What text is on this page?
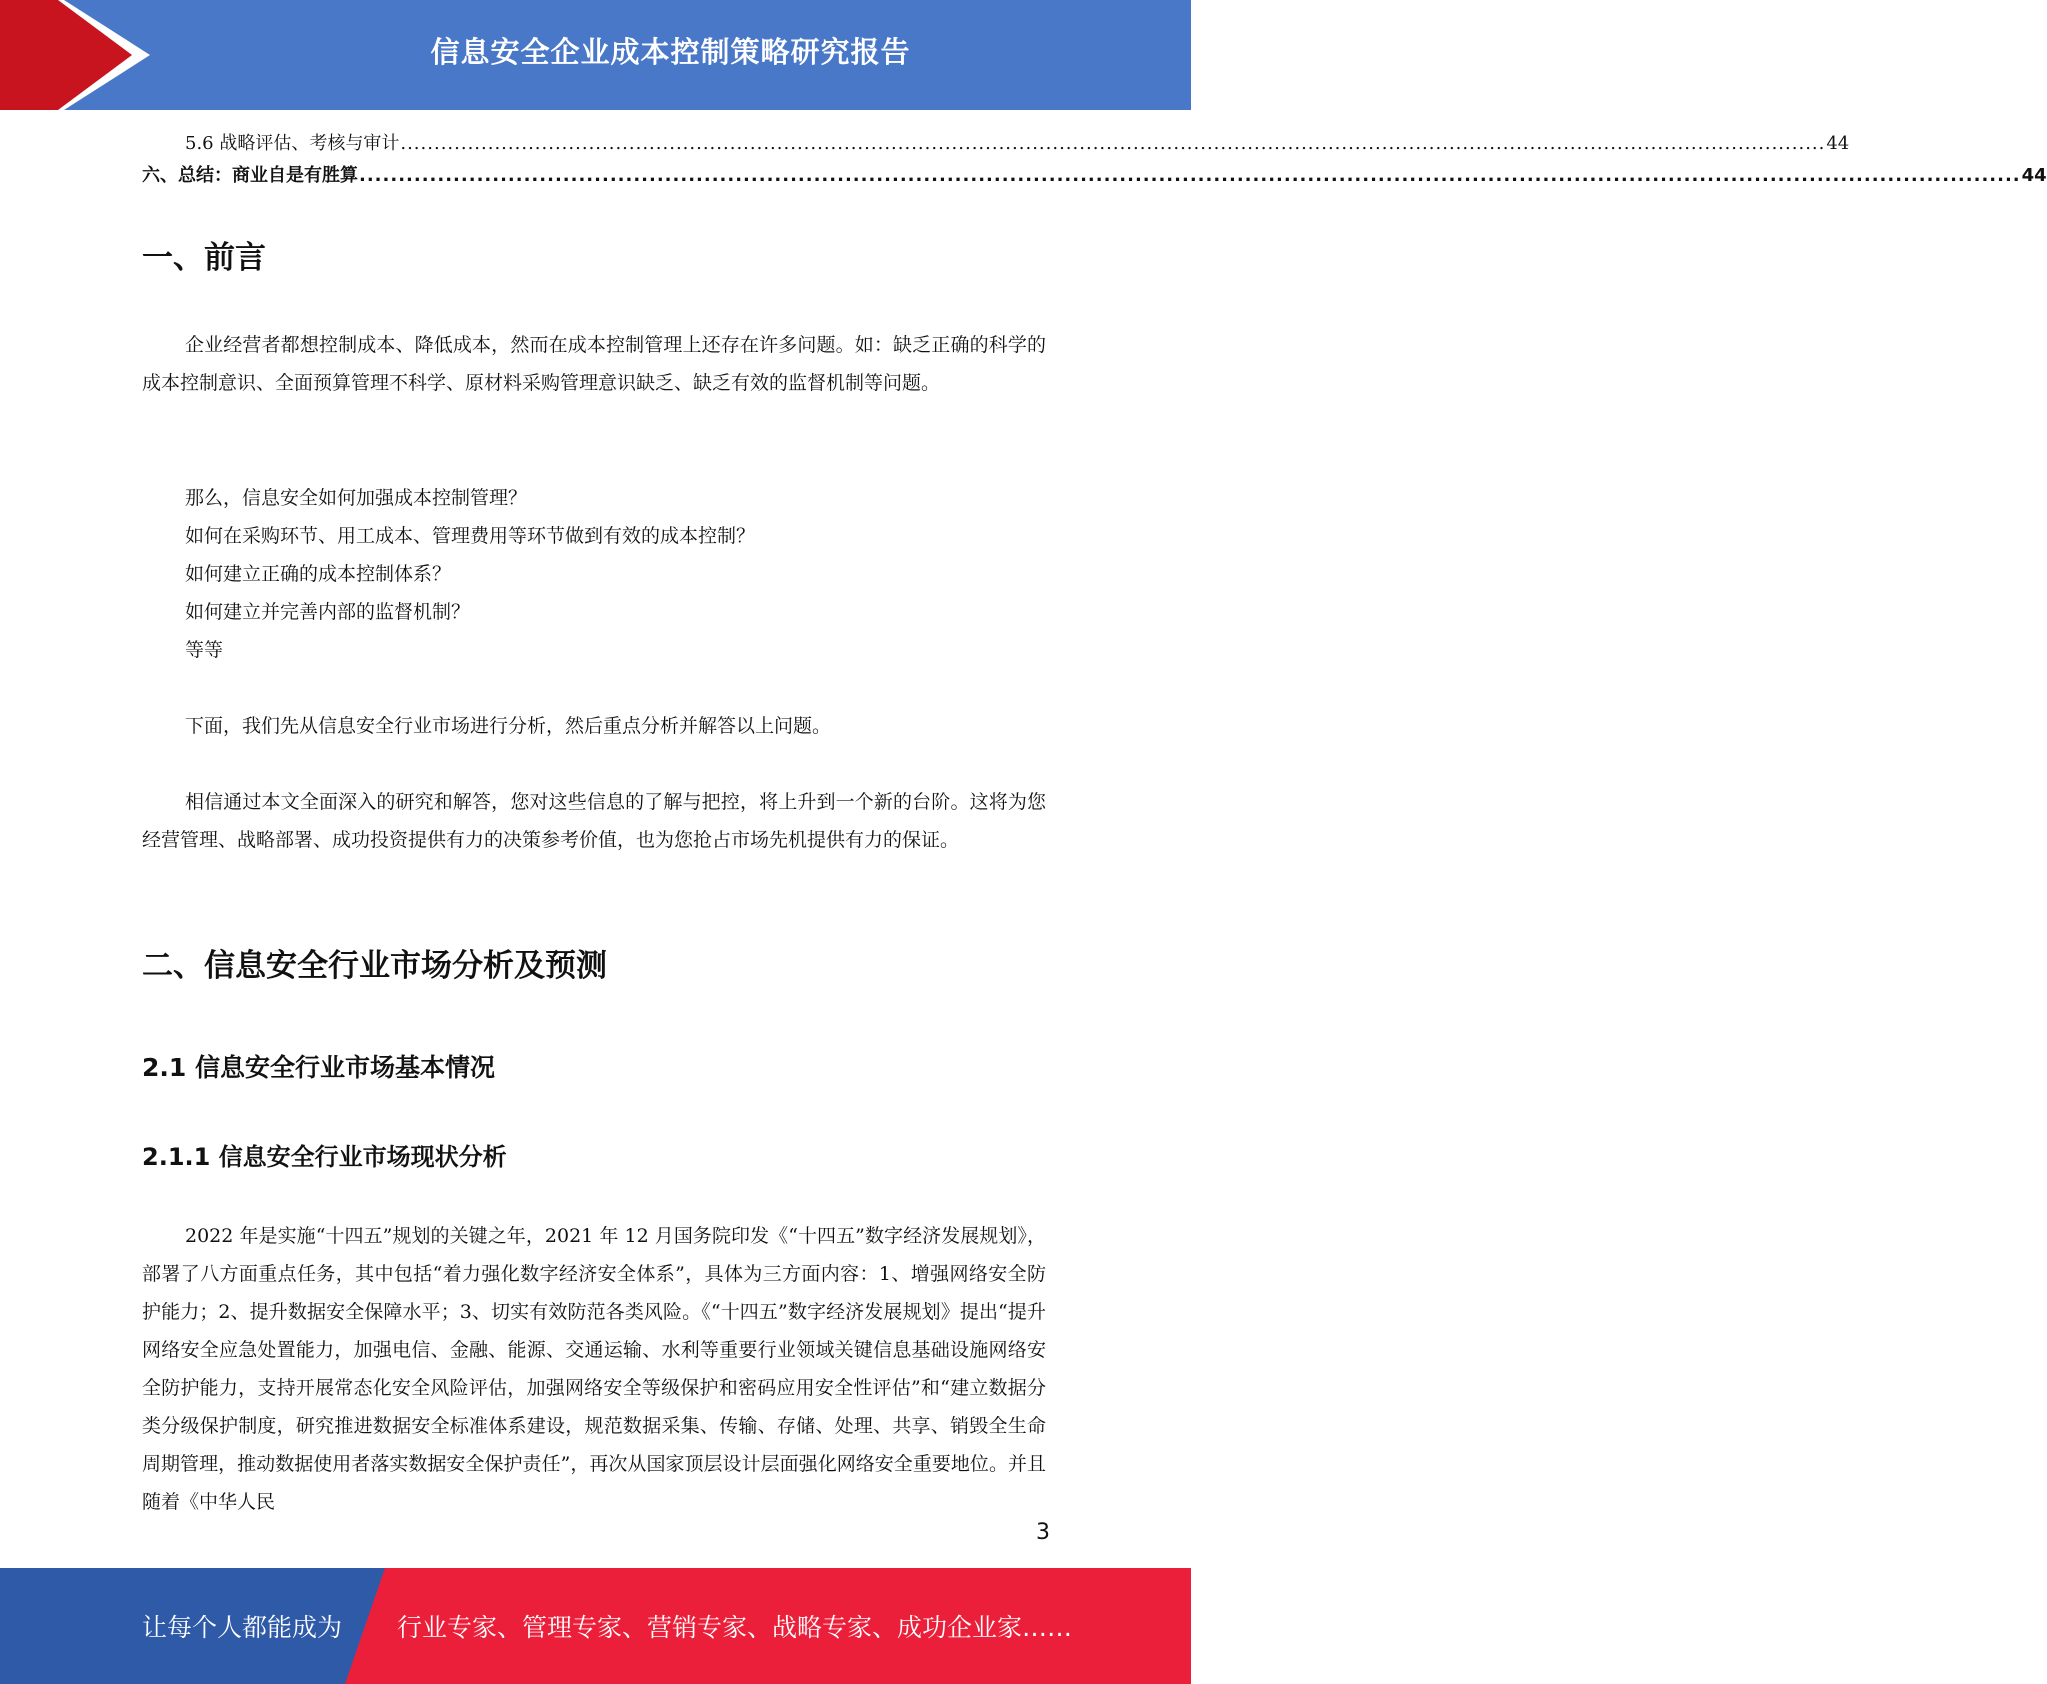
信息安全企业成本控制策略研究报告
5.6 战略评估、考核与审计 .................................................................................................................................................................................................................... 44
六、总结：商业自是有胜算 .................................................................................................................................................................................................................... 44
一、前言

企业经营者都想控制成本、降低成本，然而在成本控制管理上还存在许多问题。如：缺乏正确的科学的成本控制意识、全面预算管理不科学、原材料采购管理意识缺乏、缺乏有效的监督机制等问题。

那么，信息安全如何加强成本控制管理？

如何在采购环节、用工成本、管理费用等环节做到有效的成本控制？

如何建立正确的成本控制体系？

如何建立并完善内部的监督机制？

等等

下面，我们先从信息安全行业市场进行分析，然后重点分析并解答以上问题。

相信通过本文全面深入的研究和解答，您对这些信息的了解与把控，将上升到一个新的台阶。这将为您经营管理、战略部署、成功投资提供有力的决策参考价值，也为您抢占市场先机提供有力的保证。

二、信息安全行业市场分析及预测
2.1 信息安全行业市场基本情况
2.1.1 信息安全行业市场现状分析

2022 年是实施“十四五”规划的关键之年，2021 年 12 月国务院印发《“十四五”数字经济发展规划》，部署了八方面重点任务，其中包括“着力强化数字经济安全体系”，具体为三方面内容：1、增强网络安全防护能力；2、提升数据安全保障水平；3、切实有效防范各类风险。《“十四五”数字经济发展规划》提出“提升网络安全应急处置能力，加强电信、金融、能源、交通运输、水利等重要行业领域关键信息基础设施网络安全防护能力，支持开展常态化安全风险评估，加强网络安全等级保护和密码应用安全性评估”和“建立数据分类分级保护制度，研究推进数据安全标准体系建设，规范数据采集、传输、存储、处理、共享、销毁全生命周期管理，推动数据使用者落实数据安全保护责任”，再次从国家顶层设计层面强化网络安全重要地位。并且随着《中华人民

3
让每个人都能成为 行业专家、管理专家、营销专家、战略专家、成功企业家……
